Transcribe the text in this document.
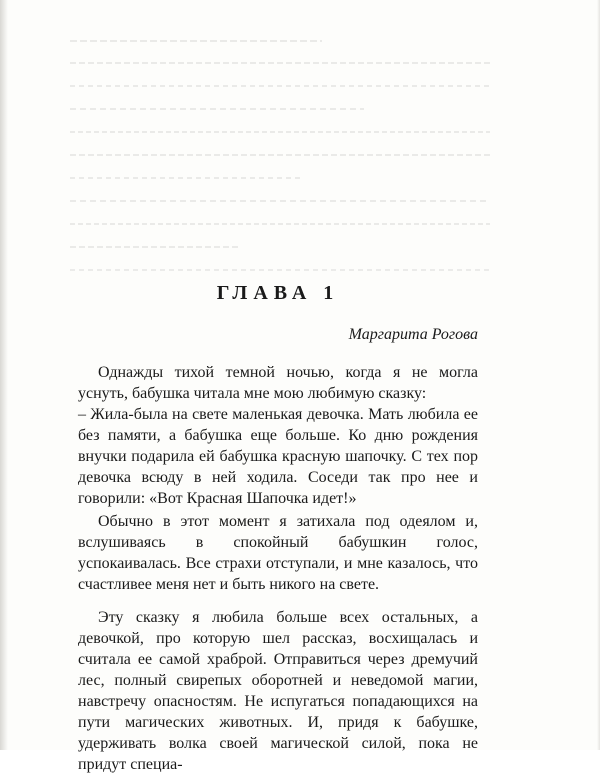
ГЛАВА 1
Маргарита Рогова

Однажды тихой темной ночью, когда я не могла уснуть, бабушка читала мне мою любимую сказку:

– Жила-была на свете маленькая девочка. Мать любила ее без памяти, а бабушка еще больше. Ко дню рождения внучки подарила ей бабушка красную шапочку. С тех пор девочка всюду в ней ходила. Соседи так про нее и говорили: «Вот Красная Шапочка идет!»

Обычно в этот момент я затихала под одеялом и, вслушиваясь в спокойный бабушкин голос, успокаивалась. Все страхи отступали, и мне казалось, что счастливее меня нет и быть никого на свете.

Эту сказку я любила больше всех остальных, а девочкой, про которую шел рассказ, восхищалась и считала ее самой храброй. Отправиться через дремучий лес, полный свирепых оборотней и неведомой магии, навстречу опасностям. Не испугаться попадающихся на пути магических животных. И, придя к бабушке, удерживать волка своей магической силой, пока не придут специа-
